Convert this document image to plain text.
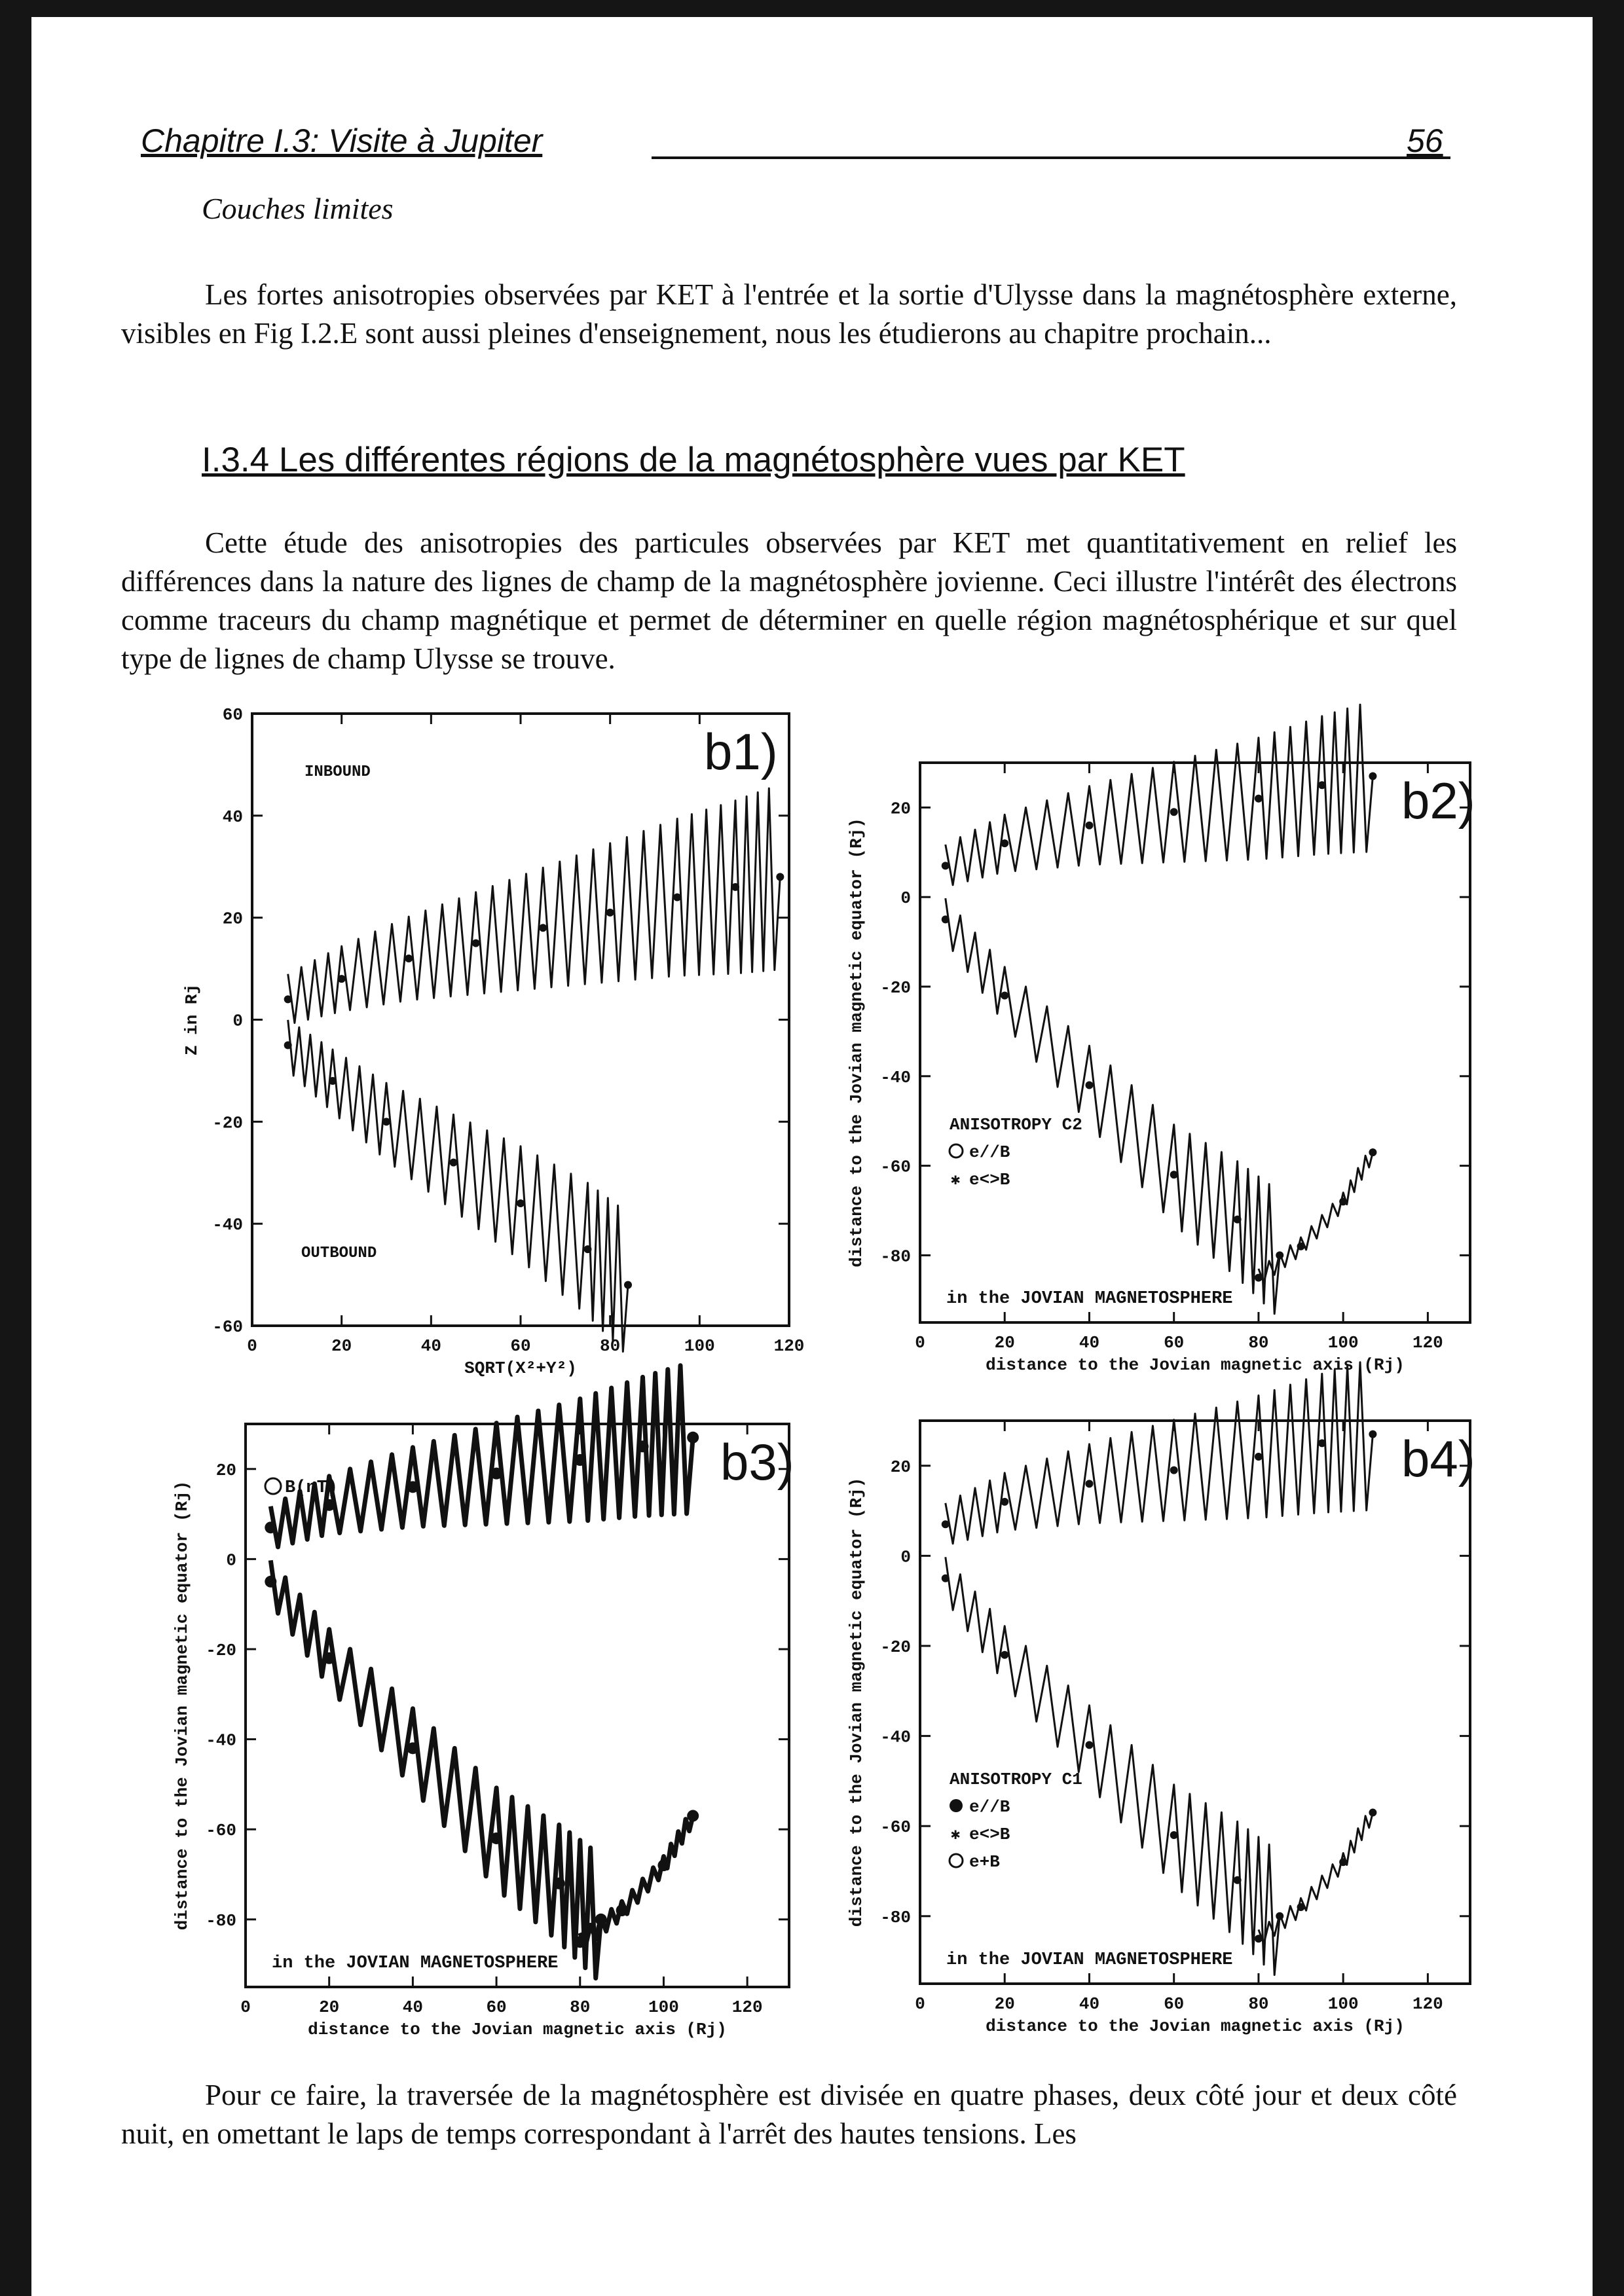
Chapitre I.3: Visite à Jupiter	56
Couches limites
Les fortes anisotropies observées par KET à l'entrée et la sortie d'Ulysse dans la magnétosphère externe, visibles en Fig I.2.E sont aussi pleines d'enseignement, nous les étudierons au chapitre prochain...
I.3.4 Les différentes régions de la magnétosphère vues par KET
Cette étude des anisotropies des particules observées par KET met quantitativement en relief les différences dans la nature des lignes de champ de la magnétosphère jovienne. Ceci illustre l'intérêt des électrons comme traceurs du champ magnétique et permet de déterminer en quelle région magnétosphérique et sur quel type de lignes de champ Ulysse se trouve.
Pour ce faire, la traversée de la magnétosphère est divisée en quatre phases, deux côté jour et deux côté nuit, en omettant le laps de temps correspondant à l'arrêt des hautes tensions. Les
0	20	40	60	80	100	120
60
40
20
0
-20
-40
-60
SQRT(X²+Y²)
Z in Rj
b1)
INBOUND
OUTBOUND
0	20	40	60	80	100	120
20
0
-20
-40
-60
-80
distance to the Jovian magnetic axis (Rj)
distance to the Jovian magnetic equator (Rj)
b2)
in the JOVIAN MAGNETOSPHERE
ANISOTROPY C2
e//B
✱ e<>B
0	20	40	60	80	100	120
20
0
-20
-40
-60
-80
distance to the Jovian magnetic axis (Rj)
distance to the Jovian magnetic equator (Rj)
b3)
in the JOVIAN MAGNETOSPHERE
B(nT)
0	20	40	60	80	100	120
20
0
-20
-40
-60
-80
distance to the Jovian magnetic axis (Rj)
distance to the Jovian magnetic equator (Rj)
b4)
in the JOVIAN MAGNETOSPHERE
ANISOTROPY C1
e//B
✱ e<>B
e+B
